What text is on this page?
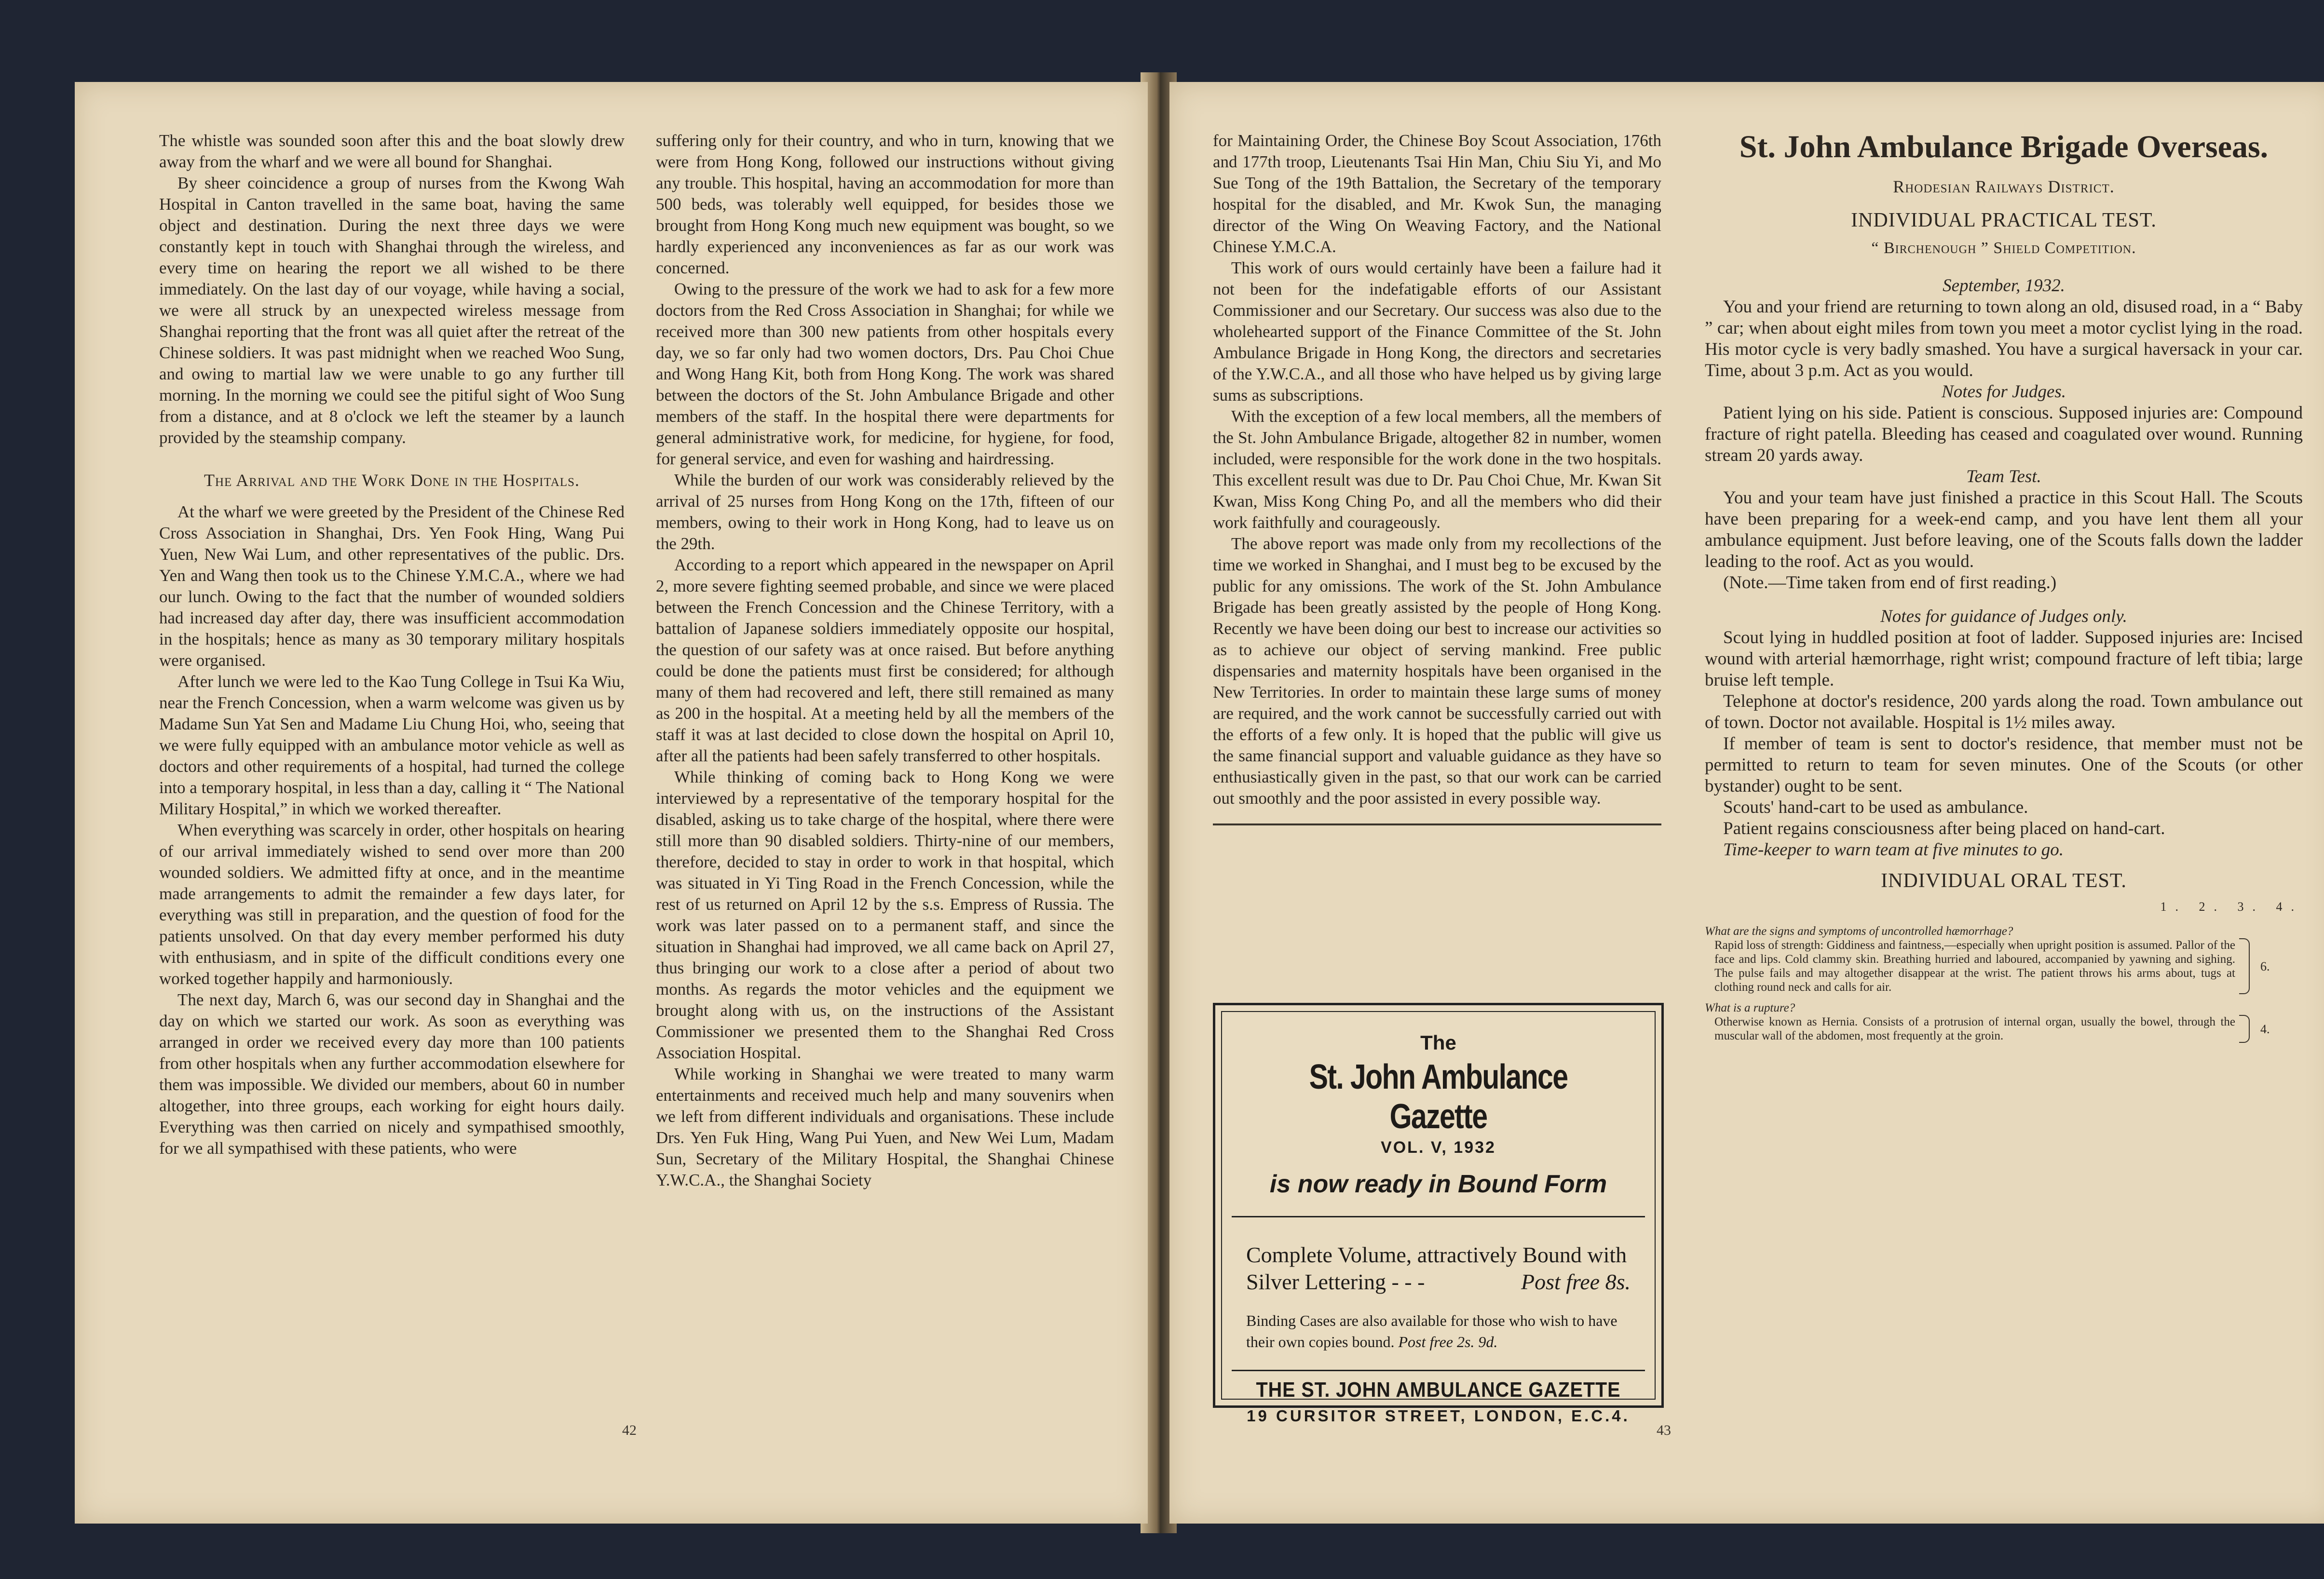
The whistle was sounded soon after this and the boat slowly drew away from the wharf and we were all bound for Shanghai.

By sheer coincidence a group of nurses from the Kwong Wah Hospital in Canton travelled in the same boat, having the same object and destination. During the next three days we were constantly kept in touch with Shanghai through the wireless, and every time on hearing the report we all wished to be there immediately. On the last day of our voyage, while having a social, we were all struck by an unexpected wireless message from Shanghai reporting that the front was all quiet after the retreat of the Chinese soldiers. It was past midnight when we reached Woo Sung, and owing to martial law we were unable to go any further till morning. In the morning we could see the pitiful sight of Woo Sung from a distance, and at 8 o'clock we left the steamer by a launch provided by the steamship company.

The Arrival and the Work Done in the Hospitals.

At the wharf we were greeted by the President of the Chinese Red Cross Association in Shanghai, Drs. Yen Fook Hing, Wang Pui Yuen, New Wai Lum, and other representatives of the public. Drs. Yen and Wang then took us to the Chinese Y.M.C.A., where we had our lunch. Owing to the fact that the number of wounded soldiers had increased day after day, there was insufficient accommodation in the hospitals; hence as many as 30 temporary military hospitals were organised.

After lunch we were led to the Kao Tung College in Tsui Ka Wiu, near the French Concession, when a warm welcome was given us by Madame Sun Yat Sen and Madame Liu Chung Hoi, who, seeing that we were fully equipped with an ambulance motor vehicle as well as doctors and other requirements of a hospital, had turned the college into a temporary hospital, in less than a day, calling it “ The National Military Hospital,” in which we worked thereafter.

When everything was scarcely in order, other hospitals on hearing of our arrival immediately wished to send over more than 200 wounded soldiers. We admitted fifty at once, and in the meantime made arrangements to admit the remainder a few days later, for everything was still in preparation, and the question of food for the patients unsolved. On that day every member performed his duty with enthusiasm, and in spite of the difficult conditions every one worked together happily and harmoniously.

The next day, March 6, was our second day in Shanghai and the day on which we started our work. As soon as everything was arranged in order we received every day more than 100 patients from other hospitals when any further accommodation elsewhere for them was impossible. We divided our members, about 60 in number altogether, into three groups, each working for eight hours daily. Everything was then carried on nicely and sympathised smoothly, for we all sympathised with these patients, who were

suffering only for their country, and who in turn, knowing that we were from Hong Kong, followed our instructions without giving any trouble. This hospital, having an accommodation for more than 500 beds, was tolerably well equipped, for besides those we brought from Hong Kong much new equipment was bought, so we hardly experienced any inconveniences as far as our work was concerned.

Owing to the pressure of the work we had to ask for a few more doctors from the Red Cross Association in Shanghai; for while we received more than 300 new patients from other hospitals every day, we so far only had two women doctors, Drs. Pau Choi Chue and Wong Hang Kit, both from Hong Kong. The work was shared between the doctors of the St. John Ambulance Brigade and other members of the staff. In the hospital there were departments for general administrative work, for medicine, for hygiene, for food, for general service, and even for washing and hairdressing.

While the burden of our work was considerably relieved by the arrival of 25 nurses from Hong Kong on the 17th, fifteen of our members, owing to their work in Hong Kong, had to leave us on the 29th.

According to a report which appeared in the newspaper on April 2, more severe fighting seemed probable, and since we were placed between the French Concession and the Chinese Territory, with a battalion of Japanese soldiers immediately opposite our hospital, the question of our safety was at once raised. But before anything could be done the patients must first be considered; for although many of them had recovered and left, there still remained as many as 200 in the hospital. At a meeting held by all the members of the staff it was at last decided to close down the hospital on April 10, after all the patients had been safely transferred to other hospitals.

While thinking of coming back to Hong Kong we were interviewed by a representative of the temporary hospital for the disabled, asking us to take charge of the hospital, where there were still more than 90 disabled soldiers. Thirty-nine of our members, therefore, decided to stay in order to work in that hospital, which was situated in Yi Ting Road in the French Concession, while the rest of us returned on April 12 by the s.s. Empress of Russia. The work was later passed on to a permanent staff, and since the situation in Shanghai had improved, we all came back on April 27, thus bringing our work to a close after a period of about two months. As regards the motor vehicles and the equipment we brought along with us, on the instructions of the Assistant Commissioner we presented them to the Shanghai Red Cross Association Hospital.

While working in Shanghai we were treated to many warm entertainments and received much help and many souvenirs when we left from different individuals and organisations. These include Drs. Yen Fuk Hing, Wang Pui Yuen, and New Wei Lum, Madam Sun, Secretary of the Military Hospital, the Shanghai Chinese Y.W.C.A., the Shanghai Society

42

for Maintaining Order, the Chinese Boy Scout Association, 176th and 177th troop, Lieutenants Tsai Hin Man, Chiu Siu Yi, and Mo Sue Tong of the 19th Battalion, the Secretary of the temporary hospital for the disabled, and Mr. Kwok Sun, the managing director of the Wing On Weaving Factory, and the National Chinese Y.M.C.A.

This work of ours would certainly have been a failure had it not been for the indefatigable efforts of our Assistant Commissioner and our Secretary. Our success was also due to the wholehearted support of the Finance Committee of the St. John Ambulance Brigade in Hong Kong, the directors and secretaries of the Y.W.C.A., and all those who have helped us by giving large sums as subscriptions.

With the exception of a few local members, all the members of the St. John Ambulance Brigade, altogether 82 in number, women included, were responsible for the work done in the two hospitals. This excellent result was due to Dr. Pau Choi Chue, Mr. Kwan Sit Kwan, Miss Kong Ching Po, and all the members who did their work faithfully and courageously.

The above report was made only from my recollections of the time we worked in Shanghai, and I must beg to be excused by the public for any omissions. The work of the St. John Ambulance Brigade has been greatly assisted by the people of Hong Kong. Recently we have been doing our best to increase our activities so as to achieve our object of serving mankind. Free public dispensaries and maternity hospitals have been organised in the New Territories. In order to maintain these large sums of money are required, and the work cannot be successfully carried out with the efforts of a few only. It is hoped that the public will give us the same financial support and valuable guidance as they have so enthusiastically given in the past, so that our work can be carried out smoothly and the poor assisted in every possible way.

The
St. John Ambulance Gazette
VOL. V, 1932
is now ready in Bound Form
Complete Volume, attractively Bound with
Silver Lettering - - -	Post free 8s.
Binding Cases are also available for those who wish to have their own copies bound. Post free 2s. 9d.
THE ST. JOHN AMBULANCE GAZETTE
19 CURSITOR STREET, LONDON, E.C.4.
St. John Ambulance Brigade Overseas.
Rhodesian Railways District.
INDIVIDUAL PRACTICAL TEST.
“ Birchenough ” Shield Competition.
September, 1932.

You and your friend are returning to town along an old, disused road, in a “ Baby ” car; when about eight miles from town you meet a motor cyclist lying in the road. His motor cycle is very badly smashed. You have a surgical haversack in your car. Time, about 3 p.m. Act as you would.

Notes for Judges.

Patient lying on his side. Patient is conscious. Supposed injuries are: Compound fracture of right patella. Bleeding has ceased and coagulated over wound. Running stream 20 yards away.

Team Test.

You and your team have just finished a practice in this Scout Hall. The Scouts have been preparing for a week-end camp, and you have lent them all your ambulance equipment. Just before leaving, one of the Scouts falls down the ladder leading to the roof. Act as you would.

(Note.—Time taken from end of first reading.)

Notes for guidance of Judges only.

Scout lying in huddled position at foot of ladder. Supposed injuries are: Incised wound with arterial hæmorrhage, right wrist; compound fracture of left tibia; large bruise left temple.

Telephone at doctor's residence, 200 yards along the road. Town ambulance out of town. Doctor not available. Hospital is 1½ miles away.

If member of team is sent to doctor's residence, that member must not be permitted to return to team for seven minutes. One of the Scouts (or other bystander) ought to be sent.

Scouts' hand-cart to be used as ambulance.

Patient regains consciousness after being placed on hand-cart.

Time-keeper to warn team at five minutes to go.

INDIVIDUAL ORAL TEST.
1. 2. 3. 4.
What are the signs and symptoms of uncontrolled hæmorrhage?
Rapid loss of strength: Giddiness and faintness,—especially when upright position is assumed. Pallor of the face and lips. Cold clammy skin. Breathing hurried and laboured, accompanied by yawning and sighing. The pulse fails and may altogether disappear at the wrist. The patient throws his arms about, tugs at clothing round neck and calls for air.
6.
What is a rupture?
Otherwise known as Hernia. Consists of a protrusion of internal organ, usually the bowel, through the muscular wall of the abdomen, most frequently at the groin.	4.
43
